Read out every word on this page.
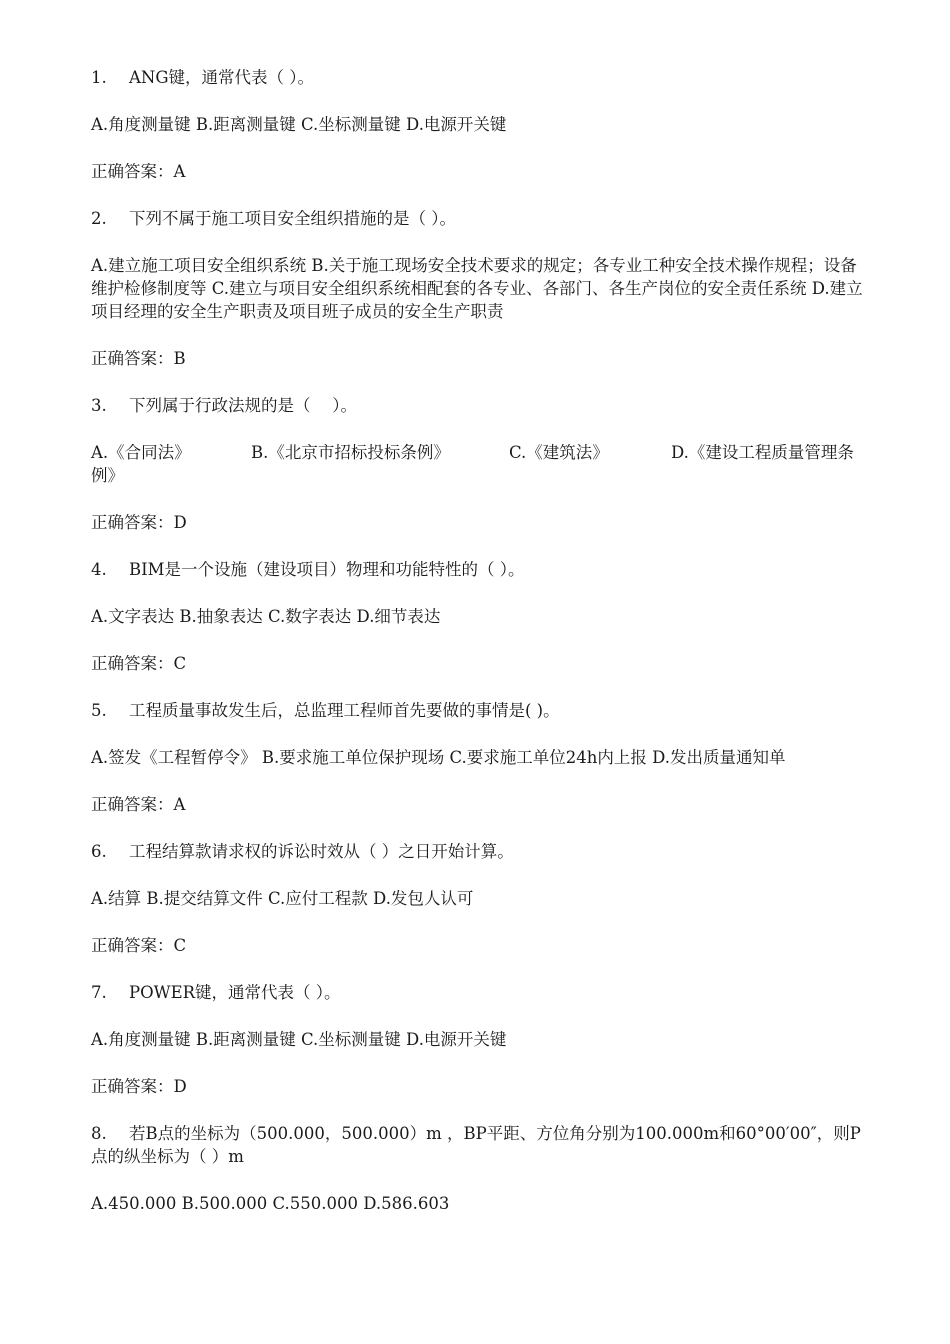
1. ANG键，通常代表（ ）。

A.角度测量键 B.距离测量键 C.坐标测量键 D.电源开关键

正确答案：A

2. 下列不属于施工项目安全组织措施的是（ ）。

A.建立施工项目安全组织系统 B.关于施工现场安全技术要求的规定；各专业工种安全技术操作规程；设备维护检修制度等 C.建立与项目安全组织系统相配套的各专业、各部门、各生产岗位的安全责任系统 D.建立项目经理的安全生产职责及项目班子成员的安全生产职责

正确答案：B

3. 下列属于行政法规的是（　 ）。

A.《合同法》	B.《北京市招标投标条例》	C.《建筑法》	D.《建设工程质量管理条例》

正确答案：D

4. BIM是一个设施（建设项目）物理和功能特性的（ ）。

A.文字表达 B.抽象表达 C.数字表达 D.细节表达

正确答案：C

5. 工程质量事故发生后，总监理工程师首先要做的事情是( )。

A.签发《工程暂停令》 B.要求施工单位保护现场 C.要求施工单位24h内上报 D.发出质量通知单

正确答案：A

6. 工程结算款请求权的诉讼时效从（ ）之日开始计算。

A.结算 B.提交结算文件 C.应付工程款 D.发包人认可

正确答案：C

7. POWER键，通常代表（ ）。

A.角度测量键 B.距离测量键 C.坐标测量键 D.电源开关键

正确答案：D

8. 若B点的坐标为（500.000，500.000）m ，BP平距、方位角分别为100.000m和60°00′00″，则P 点的纵坐标为（ ）m

A.450.000 B.500.000 C.550.000 D.586.603
